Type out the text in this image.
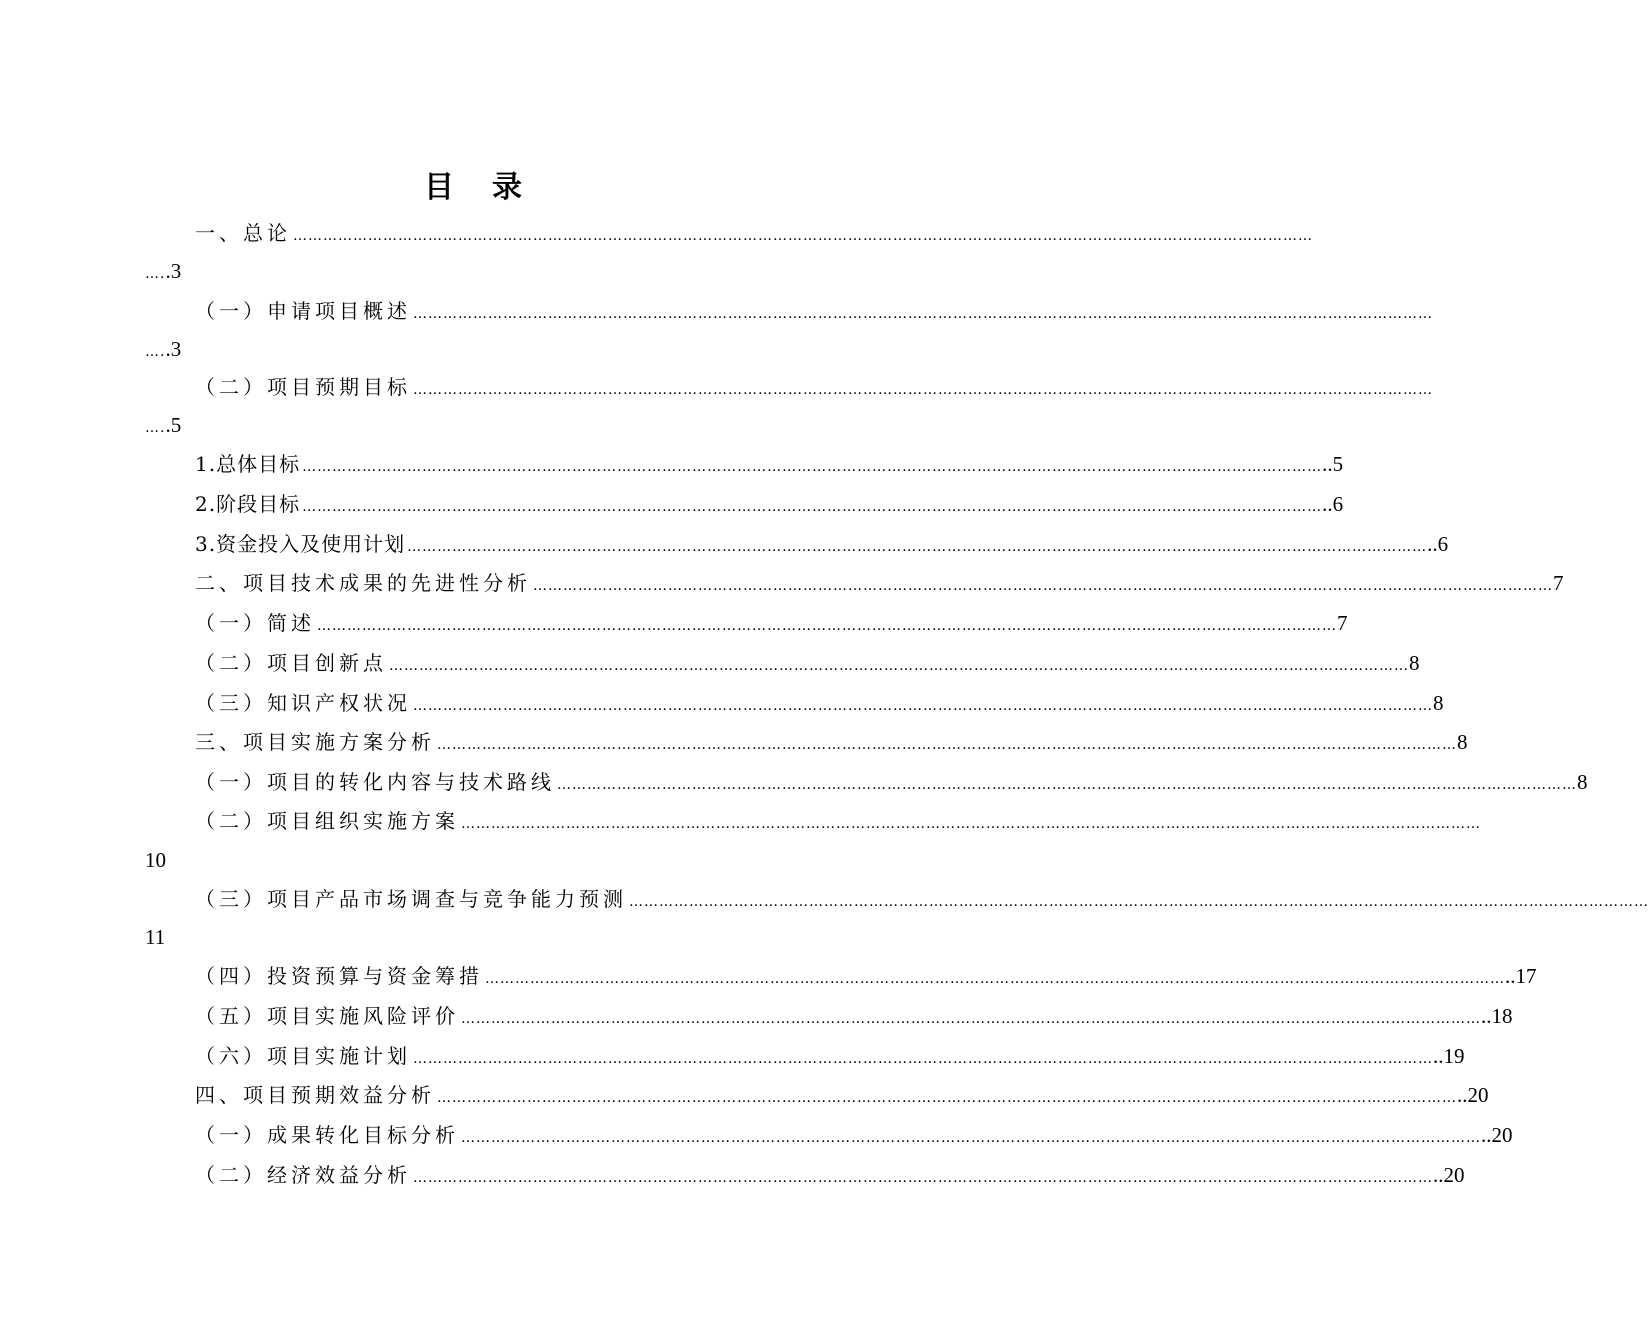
目　录
一、总论 ……………………………………………………………………………………………………………………………………………………………………………………
…..3
（一）申请项目概述 ……………………………………………………………………………………………………………………………………………………………………………………
…..3
（二）项目预期目标 ……………………………………………………………………………………………………………………………………………………………………………………
…..5
1.总体目标 …………………………………………………………………………………………………………………………………………………………………………………… ..5
2.阶段目标 …………………………………………………………………………………………………………………………………………………………………………………… ..6
3.资金投入及使用计划 …………………………………………………………………………………………………………………………………………………………………………………… ..6
二、项目技术成果的先进性分析 …………………………………………………………………………………………………………………………………………………………………………………… 7
（一）简述 …………………………………………………………………………………………………………………………………………………………………………………… 7
（二）项目创新点 …………………………………………………………………………………………………………………………………………………………………………………… 8
（三）知识产权状况 …………………………………………………………………………………………………………………………………………………………………………………… 8
三、项目实施方案分析 …………………………………………………………………………………………………………………………………………………………………………………… 8
（一）项目的转化内容与技术路线 …………………………………………………………………………………………………………………………………………………………………………………… 8
（二）项目组织实施方案 ……………………………………………………………………………………………………………………………………………………………………………………
10
（三）项目产品市场调查与竞争能力预测 ……………………………………………………………………………………………………………………………………………………………………………………
11
（四）投资预算与资金筹措 …………………………………………………………………………………………………………………………………………………………………………………… ..17
（五）项目实施风险评价 …………………………………………………………………………………………………………………………………………………………………………………… ..18
（六）项目实施计划 …………………………………………………………………………………………………………………………………………………………………………………… ..19
四、项目预期效益分析 …………………………………………………………………………………………………………………………………………………………………………………… ..20
（一）成果转化目标分析 …………………………………………………………………………………………………………………………………………………………………………………… ..20
（二）经济效益分析 …………………………………………………………………………………………………………………………………………………………………………………… ..20
